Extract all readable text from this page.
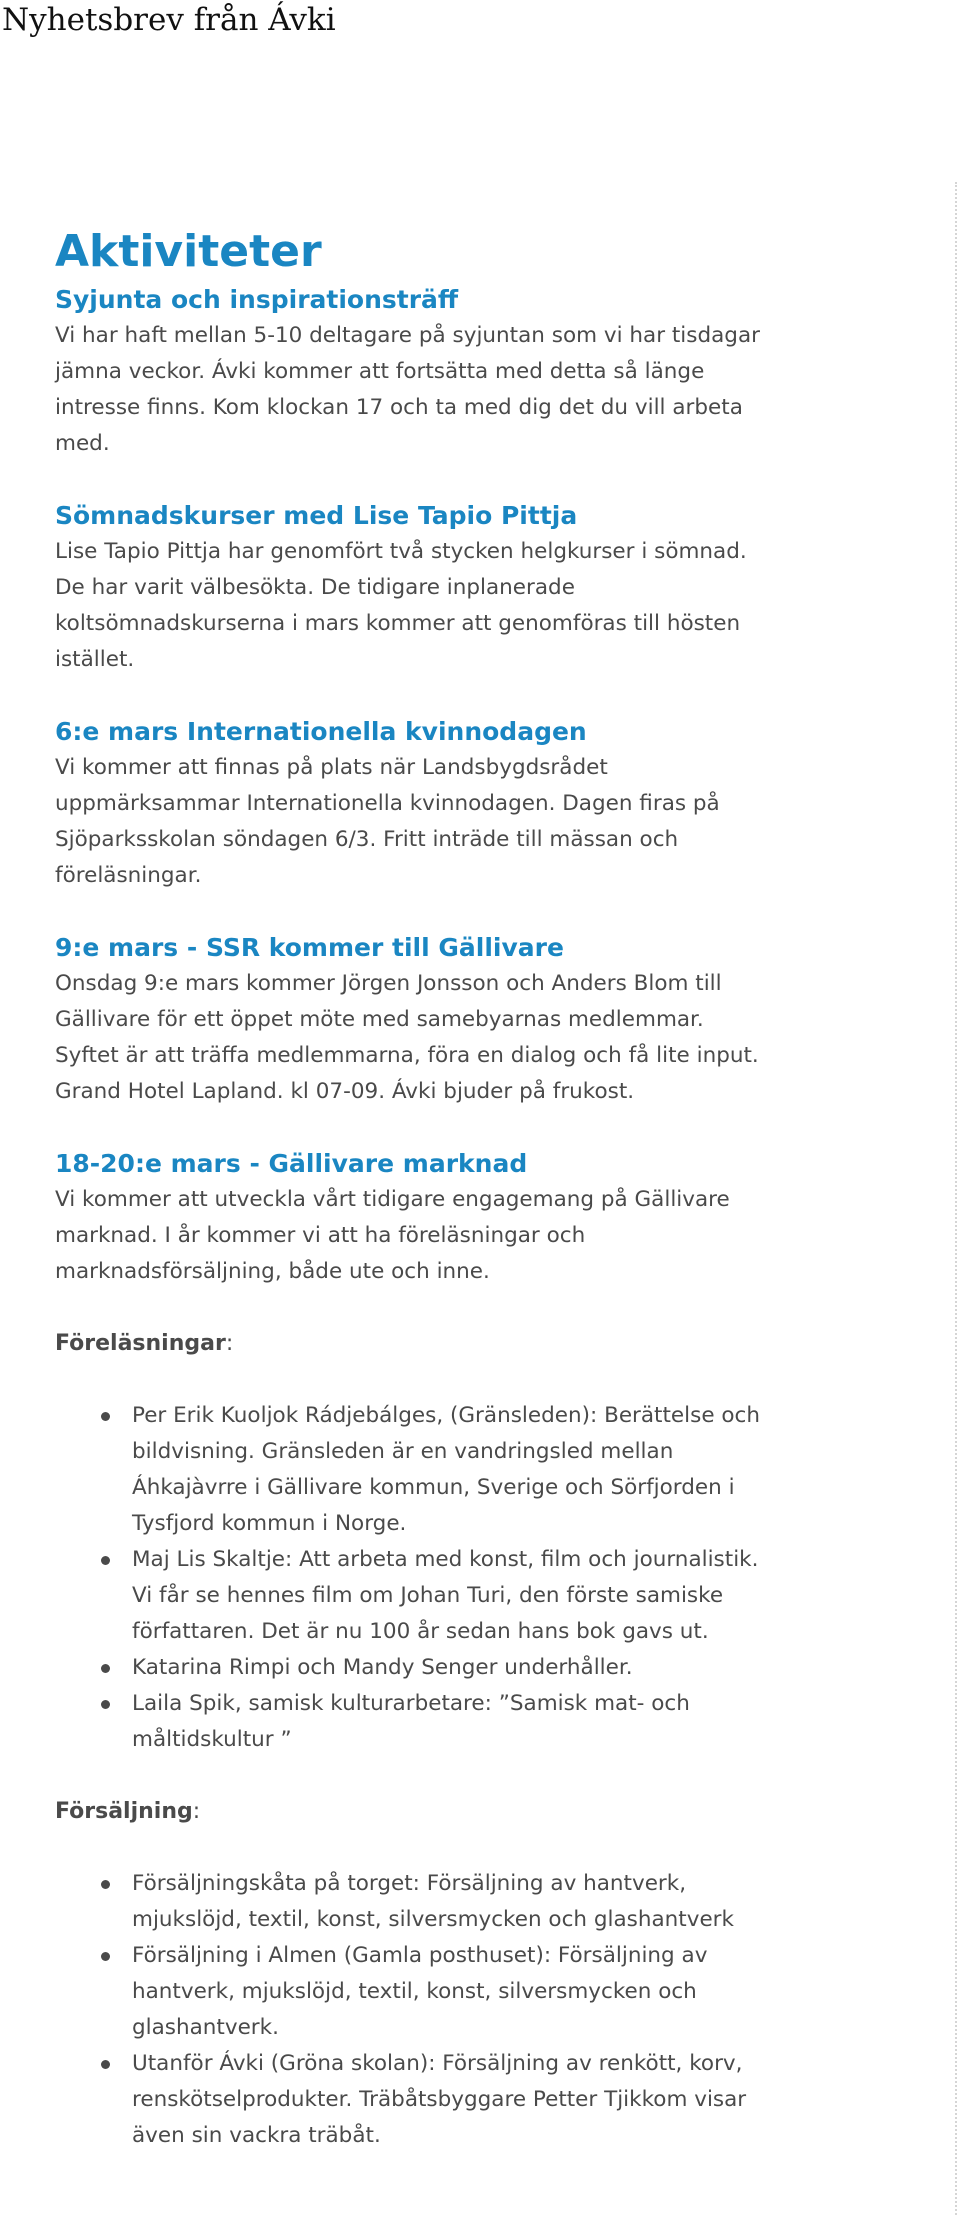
Nyhetsbrev från Ávki
Aktiviteter
Syjunta och inspirationsträff

Vi har haft mellan 5-10 deltagare på syjuntan som vi har tisdagar
jämna veckor. Ávki kommer att fortsätta med detta så länge
intresse finns. Kom klockan 17 och ta med dig det du vill arbeta
med.

Sömnadskurser med Lise Tapio Pittja

Lise Tapio Pittja har genomfört två stycken helgkurser i sömnad.
De har varit välbesökta. De tidigare inplanerade
koltsömnadskurserna i mars kommer att genomföras till hösten
istället.

6:e mars Internationella kvinnodagen

Vi kommer att finnas på plats när Landsbygdsrådet
uppmärksammar Internationella kvinnodagen. Dagen firas på
Sjöparksskolan söndagen 6/3. Fritt inträde till mässan och
föreläsningar.

9:e mars - SSR kommer till Gällivare

Onsdag 9:e mars kommer Jörgen Jonsson och Anders Blom till
Gällivare för ett öppet möte med samebyarnas medlemmar.
Syftet är att träffa medlemmarna, föra en dialog och få lite input.
Grand Hotel Lapland. kl 07-09. Ávki bjuder på frukost.

18-20:e mars - Gällivare marknad

Vi kommer att utveckla vårt tidigare engagemang på Gällivare
marknad. I år kommer vi att ha föreläsningar och
marknadsförsäljning, både ute och inne.

Föreläsningar:

Per Erik Kuoljok Rádjebálges, (Gränsleden): Berättelse och
bildvisning. Gränsleden är en vandringsled mellan
Áhkajàvrre i Gällivare kommun, Sverige och Sörfjorden i
Tysfjord kommun i Norge.
Maj Lis Skaltje: Att arbeta med konst, film och journalistik.
Vi får se hennes film om Johan Turi, den förste samiske
författaren. Det är nu 100 år sedan hans bok gavs ut.
Katarina Rimpi och Mandy Senger underhåller.
Laila Spik, samisk kulturarbetare: ”Samisk mat- och
måltidskultur ”

Försäljning:

Försäljningskåta på torget: Försäljning av hantverk,
mjukslöjd, textil, konst, silversmycken och glashantverk
Försäljning i Almen (Gamla posthuset): Försäljning av
hantverk, mjukslöjd, textil, konst, silversmycken och
glashantverk.
Utanför Ávki (Gröna skolan): Försäljning av renkött, korv,
renskötselprodukter. Träbåtsbyggare Petter Tjikkom visar
även sin vackra träbåt.
